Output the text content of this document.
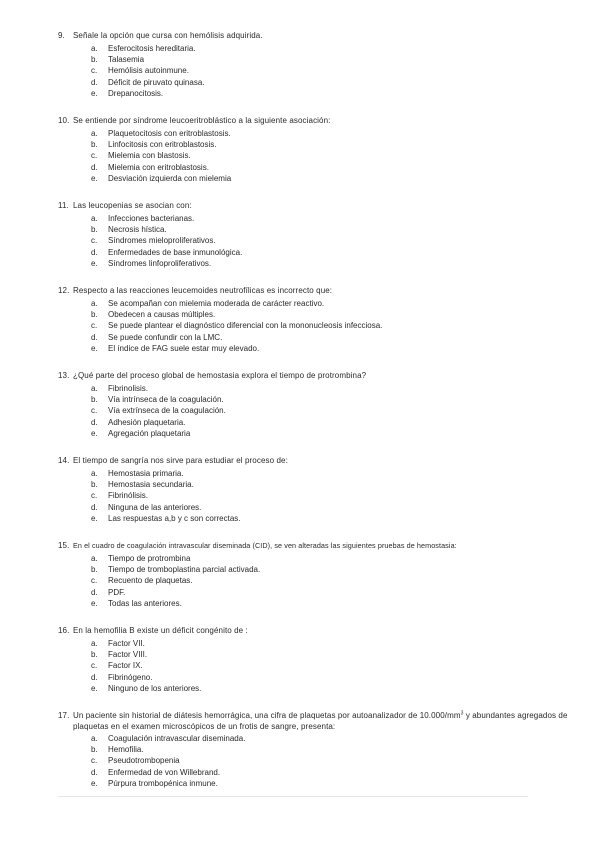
9.	Señale la opción que cursa con hemólisis adquirida.
a.	Esferocitosis hereditaria.
b.	Talasemia
c.	Hemólisis autoinmune.
d.	Déficit de piruvato quinasa.
e.	Drepanocitosis.
10. Se entiende por síndrome leucoeritroblástico a la siguiente asociación:
a.	Plaquetocitosis con eritroblastosis.
b.	Linfocitosis con eritroblastosis.
c.	Mielemia con blastosis.
d.	Mielemia con eritroblastosis.
e.	Desviación izquierda con mielemia
11. Las leucopenias se asocian con:
a.	Infecciones bacterianas.
b.	Necrosis hística.
c.	Síndromes mieloproliferativos.
d.	Enfermedades de base inmunológica.
e.	Síndromes linfoproliferativos.
12. Respecto a las reacciones leucemoides neutrofílicas es incorrecto que:
a.	Se acompañan con mielemia moderada de carácter reactivo.
b.	Obedecen a causas múltiples.
c.	Se puede plantear el diagnóstico diferencial con la mononucleosis infecciosa.
d.	Se puede confundir con la LMC.
e.	El índice de FAG suele estar muy elevado.
13. ¿Qué parte del proceso global de hemostasia explora el tiempo de protrombina?
a.	Fibrinolisis.
b.	Vía intrínseca de la coagulación.
c.	Vía extrínseca de la coagulación.
d.	Adhesión plaquetaria.
e.	Agregación plaquetaria
14. El tiempo de sangría nos sirve para estudiar el proceso de:
a.	Hemostasia primaria.
b.	Hemostasia secundaria.
c.	Fibrinólisis.
d.	Ninguna de las anteriores.
e.	Las respuestas a,b y c son correctas.
15. En el cuadro de coagulación intravascular diseminada (CID), se ven alteradas las siguientes pruebas de hemostasia:
a.	Tiempo de protrombina
b.	Tiempo de tromboplastina parcial activada.
c.	Recuento de plaquetas.
d.	PDF.
e.	Todas las anteriores.
16. En la hemofilia B existe un déficit congénito de :
a.	Factor VII.
b.	Factor VIII.
c.	Factor IX.
d.	Fibrinógeno.
e.	Ninguno de los anteriores.
17. Un paciente sin historial de diátesis hemorrágica, una cifra de plaquetas por autoanalizador de $10.000/mm^3$ y abundantes agregados de plaquetas en el examen microscópicos de un frotis de sangre, presenta:
a.	Coagulación intravascular diseminada.
b.	Hemofilia.
c.	Pseudotrombopenia
d.	Enfermedad de von Willebrand.
e.	Púrpura trombopénica inmune.
